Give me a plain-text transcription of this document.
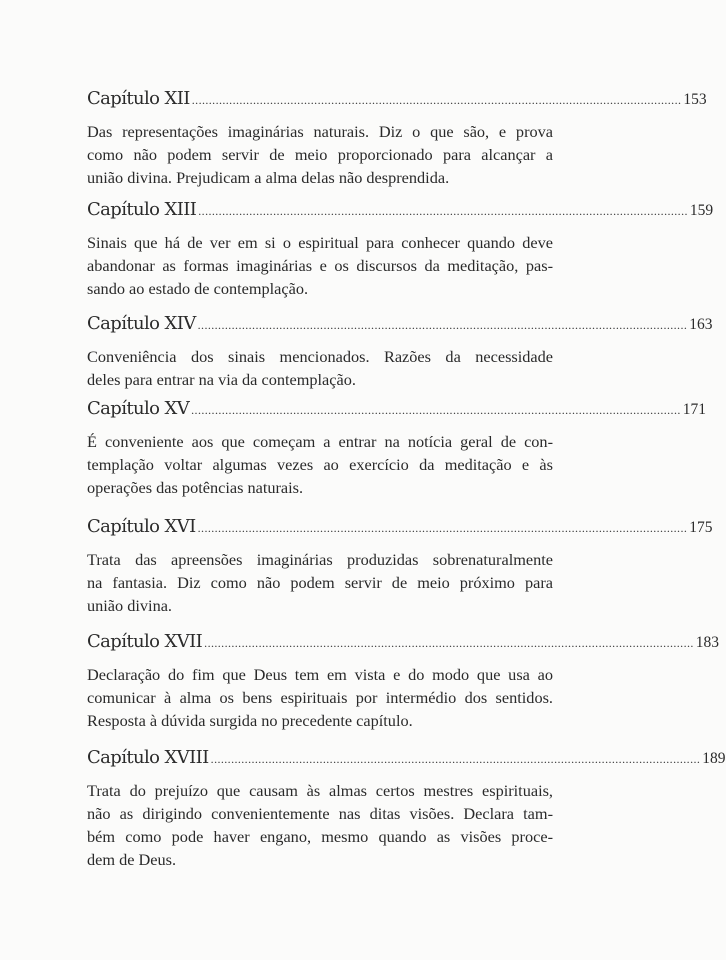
Capítulo XII ................................................................................................................................................ 153
Das representações imaginárias naturais. Diz o que são, e prova
como não podem servir de meio proporcionado para alcançar a
união divina. Prejudicam a alma delas não desprendida.
Capítulo XIII ................................................................................................................................................ 159
Sinais que há de ver em si o espiritual para conhecer quando deve
abandonar as formas imaginárias e os discursos da meditação, pas-
sando ao estado de contemplação.
Capítulo XIV ................................................................................................................................................ 163
Conveniência dos sinais mencionados. Razões da necessidade
deles para entrar na via da contemplação.
Capítulo XV ................................................................................................................................................ 171
É conveniente aos que começam a entrar na notícia geral de con-
templação voltar algumas vezes ao exercício da meditação e às
operações das potências naturais.
Capítulo XVI ................................................................................................................................................ 175
Trata das apreensões imaginárias produzidas sobrenaturalmente
na fantasia. Diz como não podem servir de meio próximo para
união divina.
Capítulo XVII ................................................................................................................................................ 183
Declaração do fim que Deus tem em vista e do modo que usa ao
comunicar à alma os bens espirituais por intermédio dos sentidos.
Resposta à dúvida surgida no precedente capítulo.
Capítulo XVIII ................................................................................................................................................ 189
Trata do prejuízo que causam às almas certos mestres espirituais,
não as dirigindo convenientemente nas ditas visões. Declara tam-
bém como pode haver engano, mesmo quando as visões proce-
dem de Deus.
